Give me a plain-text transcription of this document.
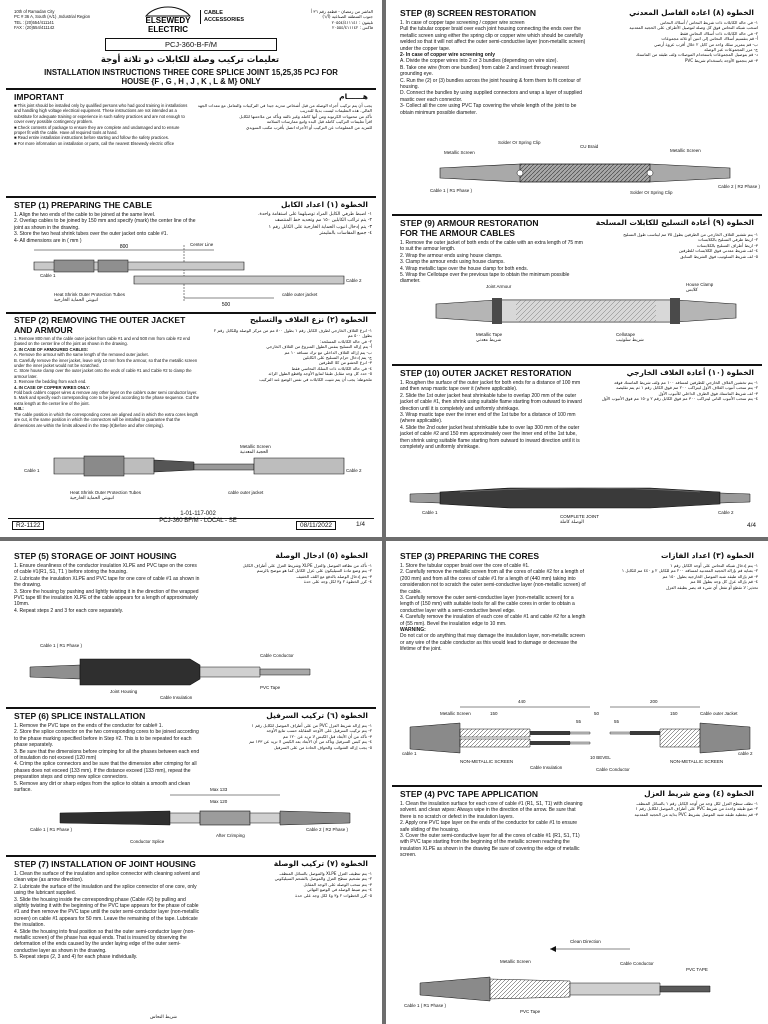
10th of Ramadan City
PC # 36 A, South (A/1) ,Industrial Region
TEL : (20)554/411141
FAX : (20)554/411142
ELSEWEDY
ELECTRIC
CABLE
ACCESSORIES
العاشر من رمضان - قطعة رقم ٣٦ أ
جنوب المنطقة الصناعية (أ/١)
تليفون : ٢٠٥٥٤/٤١١١٤١
فاكس : ٢٠٥٥٤/٤١١١٤٢
PCJ-360-B-F/M
تعليمات تركيب وصلة للكابلات ذو ثلاثة أوجة
INSTALLATION INSTRUCTIONS THREE CORE SPLICE JOINT 15,25,35 PCJ FOR
HOUSE {F , G , H , J , K , L & M} ONLY
IMPORTANT	هــــــام
■ This joint should be installed only by qualified persons who had good training in installations and handling high voltage electrical equipment. These instructions are not intended as a substitute for adequate training or experience in such safety practices and are not enough to cover every possible contingency problem.
■ Check contents of package to ensure they are complete and undamaged and to ensure proper fit with the cable. Have all required tools at hand.
■ Read entire installation instructions before starting and follow the safety practices.
■ For more information on installation or parts, call the nearest Elsewedy electric office
يجب أن يتم تركيب أجزاء الوصلة من قبل أشخاص مدربة جيدا في التركيبات والتعامل مع معدات الجهد العالي. هذه التعليمات ليست بديلا للتدريب
تأكد من محتويات الكرتونة ومن أنها كاملة وغير تالفة وتأكد من ملاءمتها للكابل
اقرأ تعليمات التركيب كاملة قبل البدء واتبع ممارسات السلامة
للمزيد من المعلومات عن التركيب أو الأجزاء اتصل بأقرب مكتب السويدي
STEP (1) PREPARING THE CABLE	الخطوة (١) اعداد الكابل
1. Align the two ends of the cable to be joined at the same level.
2. Overlap cables to be joined by 150 mm and specify (mark) the center line of the joint as shown in the drawing.
3. Store the two heat shrink tubes over the outer jacket onto cable #1.
4- All dimensions are in ( mm )
١- اضبط طرفي الكابل المراد توصيلهما على استقامة واحدة.
٢- يتم تراكب الكابلين ١٥٠ مم وتحديد خط المنتصف
٣- يتم إدخال انبوب الحماية الخارجية على الكابل رقم ١
٤- جميع المقاسات بالمليمتر
800
500
Center Line
Cable 1
Cable 2
Heat Shrink Outer Protection Tubes
انبوبتي الحماية الخارجية
cable outer jacket
STEP (2) REMOVING THE OUTER JACKET AND ARMOUR
الخطوة (٢) نزع الغلاف والتسليح
1. Remove 800 mm of the cable outer jacket from cable #1 and end 500 mm from cable #2 end (based on the center line of the joint as shown in the drawing.
2. IN CASE OF ARMOURED CABLES:
A. Remove the armour with the same length of the removed outer jacket.
B. Carefully remove the inner jacket, leave only 10 mm from the armour, so that the metallic screen under the inner jacket would not be scratched.
C. Store house clamp over the outer jacket onto the ends of cable #1 and Cable #2 to clamp the armour later.
3. Remove the bedding from each end.
4. IN CASE OF COPPER WIRES ONLY:
Fold back cable's copper wires & remove any other layer on the cable's outer semi conductor layer.
5. Mark and specify each corresponding core to be joined according to the phase sequence. Cut the extra length at the center line of the joint.
N.B.:
The cable position in which the corresponding cores are aligned and in which the extra cores length are cut, is the same position in which the connectors will be installed to guarantee that the dimensions are within the limits allowed in the Step (6)before and after crimping).
١- انزع الغلاف الخارجي لطرف الكابل رقم ١ بطول ٨٠٠ مم من مركز الوصلة وللكابل رقم ٢ بطول ٥٠٠ مم
٢- في حالة الكابلات المسلحة:
أ- يتم إزالة التسليح بنفس الطول المنزوع من الغلاف الخارجي
ب- يتم إزالة الغلاف الداخلي مع ترك مسافة ١٠ مم
ج- يتم إدخال حزام التسليح على الكابلين
٣- انزع الحشو من كلا الطرفين
٤- في حالة الكابلات ذات السلك النحاسي فقط
٥- حدد كل وجه مقابل طبقا لتتابع الأوجه واقطع الطول الزائد
ملحوظة: يجب أن يتم تثبيت الكابلات في نفس الوضع عند التركيب
Metallic Screen
الحجبة المعدنية
Cable 1	Cable 2
Heat Shrink Outer Protection Tubes
انبوبتي الحماية الخارجية
cable outer jacket
R2-1122
1-01-117-002
PCJ-360 BF/M - LOCAL - SE
08/11/2022	1/4
STEP (8) SCREEN RESTORATION	الخطوة (٨) اعادة الفاصل المعدني
1. In case of copper tape screening / copper wire screen
Pull the tubular copper braid over each joint housing connecting the ends over the metallic screen using either the spring clip or copper wire which should be carefully welded so that it will not affect the outer semi-conductive layer (non-metallic screen) under the copper tape.
2- In case of copper wire screening only
A. Divide the copper wires into 2 or 3 bundles (depending on wire size).
B. Take one wire (from one bundles) from cable 2 and insert through nearest grounding eye.
C. Run the (2) or (3) bundles across the joint housing & form them to fit contour of housing.
D. Connect the bundles by using supplied connectors and wrap a layer of supplied mastic over each connector.
3- Collect all the core using PVC Tap covering the whole length of the joint to be obtain minimum possible diameter.
١- في حالة الكابلات ذات شريط النحاس / أسلاك النحاس
اسحب شبكة النحاس فوق كل وصلة لتوصيل الأطراف على الحجبة المعدنية
٢- في حالة الكابلات ذات أسلاك النحاس فقط
أ- قم بتقسيم أسلاك النحاس إلى اثنين أو ثلاثة مجموعات
ب- قم بتمرير سلك واحد من كابل ٢ خلال أقرب عروة أرضي
ج- مرر المجموعات عبر الوصلة
د- قم بتوصيل المجموعات باستخدام الموصلات ولف طبقة من الماستك
٣- قم بتجميع الأوجه باستخدام شريط PVC
Metallic Screen
Solder Or Spring Clip
CU Braid
Metallic Screen
Solder Or Spring Clip
Cable 1 ( R1 Phase )
Cable 2 ( R2 Phase )
STEP (9) ARMOUR RESTORATION
FOR THE ARMOUR CABLES
الخطوة (٩) أعادة التسليح للكابلات المسلحة
1. Remove the outer jacket of both ends of the cable with an extra length of 75 mm to suit the armour length.
2. Wrap the armour ends using house clamps.
3. Clamp the armour ends using house clamps.
4. Wrap metallic tape over the house clamp for both ends.
5. Wrap the Cellotape over the previous tape to obtain the minimum possible diameter.
١- يتم تقشير الغلاف الخارجي من الطرفين بطول ٧٥ مم ليناسب طول التسليح
٢- اربط طرفي التسليح بالكلابسات
٣- اربط أطراف التسليح بالكلابسات
٤- لف شريط معدني فوق الكلابسات للطرفين
٥- لف شريط السلوتيب فوق الشريط السابق
Joint Armour	House Clamp
كلابس
Metallic Tape
شريط معدني
Cellotape
شريط سلوتيب
STEP (10) OUTER JACKET RESTORATION	الخطوة (١٠) أعادة الغلاف الخارجي
1. Roughen the surface of the outer jacket for both ends for a distance of 100 mm and then wrap mastic tape over it (where applicable).
2. Slide the 1st outer jacket heat shrinkable tube to overlap 200 mm of the outer jacket of cable #1, then shrink using suitable flame starting from outward to inward direction until it is completely and uniformly shrinkage.
3. Wrap mastic tape over the inner end of the 1st tube for a distance of 100 mm (where applicable).
4. Slide the 2nd outer jacket heat shrinkable tube to over lap 300 mm of the outer jacket of cable #2 and 150 mm approximately over the inner end of the 1st tube, then shrink using suitable flame starting from outward to inward direction until it is completely and uniformly shrinkage.
١- يتم تخشين الغلاف الخارجي للطرفين لمسافة ١٠٠ مم ولف شريط الماستك فوقه
٢- يتم سحب أنبوب الغلاف الأول ليتراكب ٢٠٠ مم فوق الكابل رقم ١ ثم يتم تقليصه
٣- لف شريط الماستك فوق الطرف الداخلي للأنبوب الأول
٤- يتم سحب الأنبوب الثاني ليتراكب ٣٠٠ مم فوق الكابل رقم ٢ و١٥٠ مم فوق الأنبوب الأول
Cable 1	Cable 2
COMPLETE JOINT
الوصلة كاملة	4/4
STEP (5) STORAGE OF JOINT HOUSING	الخطوة (٥) ادخال الوصلة
1. Ensure cleanliness of the conductor insulation XLPE and PVC tape on the cores of cable #1(R1, S1, T1 ) before storing the housing.
2. Lubricate the insulation XLPE and PVC tape for one core of cable #1 as shown in the drawing.
3. Store the housing by pushing and lightly twisting it in the direction of the wrapped PVC tape till the insulation XLPE of the cable appears for a length of approximately 10mm.
4. Repeat steps 2 and 3 for each core separately.
١- تأكد من نظافة الموصل والعزل XLPE وشريط العزل على أطراف الكابل
٢- يتم وضع مادة السيليكون على عزل الكابل كما هو موضح بالرسم
٣- يتم إدخال الوصلة بالدفع مع اللف الخفيف
٤- كرر الخطوة ٢ و٣ لكل وجه على حدة
Cable Conductor
Cable 1 ( R1 Phase )
Joint Housing
Cable Insulation
PVC Tape
STEP (6) SPLICE INSTALLATION	الخطوة (٦) تركيب السرفيل
1. Remove the PVC tape on the ends of the conductor for cable# 1.
2. Store the splice connector on the two corresponding cores to be joined according to the phase marking specified before in Step #2. This is to be repeated for each phase separately.
3. Be sure that the dimensions before crimping for all the phases between each end of insulation do not exceed (120 mm)
4. Crimp the splice connectors and be sure that the dimension after crimping for all phases does not exceed (133 mm). If the distance exceed (133 mm), repeat the preparation steps and crimp new splice connectors.
5. Remove any dirt or sharp edges from the splice to obtain a smooth and clean surface.
١- يتم إزالة شريط العزل PVC من على أطراف الموصل للكابل رقم ١
٢- يتم تركيب السرفيل على الأوجه المقابلة حسب تتابع الأوجه
٣- تأكد من أن الأبعاد قبل الكبس لا تزيد عن ١٢٠ مم
٤- يتم كبس السرفيل وتأكد من أن الأبعاد بعد الكبس لا تزيد عن ١٣٣ مم
٥- يجب إزالة الشوائب والحواف الحادة من على السرفيل
Max 133
Max 120
Cable 1 ( R1 Phase )	Cable 2 ( R2 Phase )
Conductor Splice
After Crimping
STEP (7) INSTALLATION OF JOINT HOUSING	الخطوة (٧) تركيب الوصلة
1. Clean the surface of the insulation and splice connector with cleaning solvent and clean wipe (as arrow direction).
2. Lubricate the surface of the insulation and the splice connector of one core, only using the lubricant supplied.
3. Slide the housing inside the corresponding phase (Cable #2) by pulling and slightly twisting it with the beginning of the PVC tape appears for the phase of cable #1 and then remove the PVC tape until the outer semi-conductor layer (non-metallic screen) on cable #1 appears for 50 mm. Leave the remaining of the tape. Lubricate the insulation.
4. Slide the housing into final position so that the outer semi-conductor layer (non-metallic screen) of the phase has equal ends. That is insured by observing the deformation of the ends caused by the under laying edge of the outer semi-conductive layer as shown in the drawing.
5. Repeat steps (2, 3 and 4) for each phase individually.
١- يتم تنظيف العزل XLPE والموصل بالسائل المنظف
٢- يتم تشحيم سطح العزل والموصل بالشحم السيليكوني
٣- يتم سحب الوصلة على الوجه المقابل
٤- يتم ضبط الوصلة في الوضع النهائي
٥- كرر الخطوات ٢ و٣ و٤ لكل وجه على حدة
شريط النحاس
STEP (3) PREPARING THE CORES	الخطوة (٣) اعداد الفازات
1. Store the tubular copper braid over the core of cable #1.
2. Carefully remove the metallic screen from all the cores of cable #2 for a length of (200 mm) and from all the cores of cable #1 for a length of (440 mm) taking into consideration not to scratch the outer semi-conductive layer (non-metallic screen) of the cable.
3. Carefully remove the outer semi-conductive layer (non-metallic screen) for a length of (150 mm) with suitable tools for all the cable cores in order to obtain a conductive layer with a semi-conductive bevel edge.
4. Carefully remove the insulation of each core of cable #1 and cable #2 for a length of (55 mm). Bevel the insulation edge to 10 mm.
WARNING:
Do not cut or do anything that may damage the insulation layer, non-metallic screen or any wire of the cable conductor as this would lead to damage or decrease the lifetime of the joint.
١- يتم إدخال شبكة النحاس على أوجه الكابل رقم ١
٢- بعناية قم بإزالة الحجبة المعدنية لمسافة ٢٠٠ مم للكابل ٢ و ٤٤٠ مم للكابل ١
٣- قم بإزالة طبقة شبه الموصل الخارجية بطول ١٥٠ مم
٤- قم بإزالة عزل كل وجه بطول ٥٥ مم
تحذير: لا تقطع أو تفعل أي شيء قد يضر بطبقة العزل
440	200
150	150
55	55
50
Metallic Screen	Cable outer Jacket
cable 1	cable 2
NON-METALLIC SCREEN
Cable Insulation
10 BEVEL
Cable Conductor
NON-METALLIC SCREEN
STEP (4) PVC TAPE APPLICATION	الخطوة (٤) وضع شريط العزل
1. Clean the insulation surface for each core of cable #1 (R1, S1, T1) with cleaning solvent. and clean wipes: Always wipe in the direction of the arrow. Be sure that there is no scratch or defect in the insulation layers.
2. Apply one PVC tape layer on the ends of the conductor for cable #1 to ensure safe sliding of the housing.
3. Cover the outer semi-conductive layer for all the cores of cable #1 (R1, S1, T1) with PVC tape starting from the beginning of the metallic screen reaching the insulation XLPE as shown in the drawing Be sure of covering the edge of metallic screen.
١- نظف سطح العزل لكل وجه من أوجه الكابل رقم ١ بالسائل المنظف
٢- ضع طبقة واحدة من شريط PVC على أطراف الموصل للكابل رقم ١
٣- قم بتغطية طبقة شبه الموصل بشريط PVC بداية من الحجبة المعدنية
Clean Direction
Metallic Screen	Cable Conductor
PVC TAPE
Cable 1 ( R1 Phase )
PVC Tape
